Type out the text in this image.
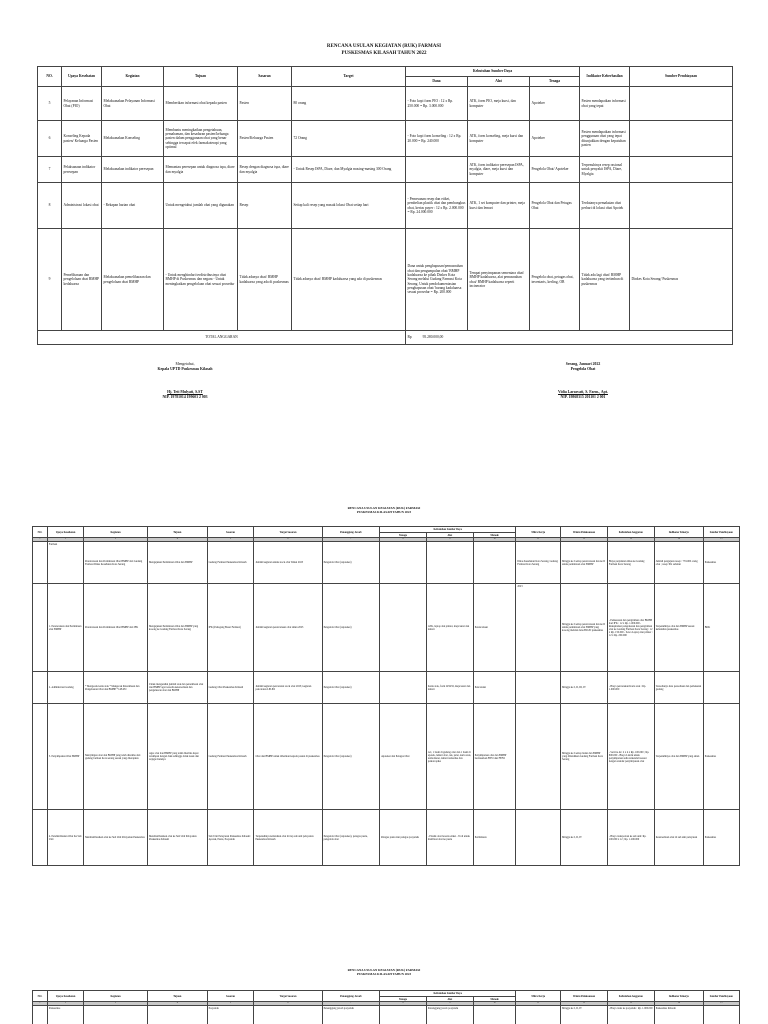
RENCANA USULAN KEGIATAN (RUK) FARMASI
PUSKESMAS KILASAH TAHUN 2022
NO.	Upaya Kesehatan	Kegiatan	Tujuan	Sasaran	Target	Kebutuhan Sumber Daya			Indikator Keberhasilan	Sumber Pembiayaan
						Dana	Alat	Tenaga		
5	Pelayanan Informasi Obat (PIO)	Melaksanakan Pelayanan Informasi Obat	Memberikan informasi obat kepada pasien	Pasien	80 orang	- Foto kopi form PIO : 12 x Rp. 250.000 = Rp. 3.000.000	ATK, form PIO, meja kursi, dan komputer	Apoteker	Pasien mendapatkan informasi obat yang tepat	
6	Konseling Kepada pasien/ Keluarga Pasien	Melaksanakan Konseling	Membantu meningkatkan pengetahuan, pemahaman, dan kesadaran pasien/keluarga pasien dalam penggunaan obat yang benar sehingga tercapai efek farmakoterapi yang optimal	Pasien/Keluarga Pasien	72 Orang	- Foto kopi form konseling : 12 x Rp. 20.000 = Rp. 240.000	ATK, form konseling, meja kursi dan komputer	Apoteker	Pasien mendapatkan informasi penggunaan obat yang tepat ditunjukkan dengan kepatuhan pasien	
7	Pelaksanaan indikator peresepan	Melaksanakan indikator peresepan	Memantau peresepan untuk diagnosa ispa, diare dan myalgia	Resep dengan diagnosa ispa, diare dan myalgia	- Untuk Resep ISPA, Diare, dan Myalgia masing-masing 300 Orang		ATK, form indikator peresepan ISPA, myalgia, diare, meja kursi dan komputer	Pengelola Obat/ Apoteker	Terpenuhinya resep rasional untuk penyakit ISPA, Diare, Myalgia	
8	Administrasi lokasi obat	- Rekapan harian obat	Untuk mengetahui jumlah obat yang digunakan	Resep	Setiap kali resep yang masuk lokasi Obat setiap hari	- Pemesanan resep dan etiket, pembelian plastik obat dan pembungkus obat, kertas puyer : 12 x Rp. 2.000.000 = Rp. 24.000.000	ATK, 1 set komputer dan printer, meja kursi dan lemari	Pengelola Obat dan Petugas Obat	Terdatanya pemakaian obat perhari di lokasi obat Apotek	
9	Pemeliharaan dan pengelolaan obat BMHP kedaluarsa	Melaksanakan pemeliharaan dan pengelolaan obat BMHP	- Untuk menghindari terdistribusinya obat BMHP di Puskesmas dan negara - Untuk meningkatkan pengelolaan obat sesuai prosedur	Tidak adanya obat/ BMHP kadaluarsa yang ada di puskesmas	Tidak adanya obat/ BMHP kadaluarsa yang ada di puskesmas	Dana untuk penghapusan/pemusnahan obat dan pengumpulan obat/ BMHP kadaluarsa ke pihak Dinkes Kota Serang melalui Gudang Farmasi Kota Serang. Untuk pendokumentasian penghapusan obat/ barang kadaluarsa sesuai prosedur = Rp. 200.000	Tempat penyimpanan sementara obat/ BMHP kadaluarsa, alat pemusnahan obat/ BMHP kadaluarsa seperti incinerator	Pengelola obat, petugas obat, inventaris, kerling, OB	Tidak ada lagi obat/ BMHP kadaluarsa yang tertimbun di puskesmas	Dinkes Kota Serang/ Puskesmas
TOTAL ANGGARAN						Rp 95.280.000,00				
Mengetahui,
Kepala UPTD Puskesmas Kilasah
Hj. Teti Mulyati, S.ST
NIP. 19781014 199603 2 003
Serang, Januari 2022
Pengelola Obat
Vidia Larasvati, S. Farm., Apt.
NIP. 19868315 201101 2 001
RENCANA USULAN KEGIATAN (RUK) FARMASI
PUSKESMAS KILASAH TAHUN 2023
NO.	Upaya Kesehatan	Kegiatan	Tujuan	Sasaran	Target Sasaran	Penanggung Jawab	Kebutuhan Sumber Daya			Mitra Kerja	Waktu Pelaksanaan	Kebutuhan Anggaran	Indikator Kinerja	Sumber Pembiayaan
							Tenaga	Alat	Metode					
1	2	3	4	5	6	7	8	9	10	11	12	13	14	15
	Farmasi	Perencanaan dan Permintaan Obat BMHP dari Gudang Farmasi Dinas Kesehatan Kota Serang	Mengajukan Permintaan Obat dan BMHP	Gudang Farmasi Puskesmas Kilasah	Jumlah kegiatan untuk stock obat Tahun 2023	Pengelola Obat (Apoteker)				Dinas Kesehatan Kota Serang, Gudang Farmasi Kota Serang	Minggu ke I setiap perencanaan dan ke II untuk permintaan obat BMHP	Biaya perjalanan dinas ke Gudang Farmasi Kota Serang	Jumlah pengajuan resep : 733.000 orang obat ; resep 30x sebulan	Puskesmas
	1. Perencanaan dan Permintaan obat BMHP	Perencanaan dan Permintaan Obat BMHP dari IFK	Mengajukan Permintaan Obat dan BMHP yang kosong ke Gudang Farmasi Kota Serang	IFK (Pedagang Besar Farmasi)	Jumlah kegiatan perencanaan obat tahun 2023	Pengelola Obat (Apoteker)		ATK, laptop dan printer, meja kursi dan lemari	Perencanaan	2023	Minggu ke I setiap perencanaan dan ke II untuk permintaan obat BMHP yang kosong melalui dana BLUD puskesmas	- Pemesanan dan pengiriman obat BMHP dari IFK : 12 x Rp. 1.000.000 - Rekapitulasi pengeluaran dan pengiriman obat ke Gudang Farmasi Kota Serang : 12 x Rp. 150.000 - Sewa Laptop dan printer : 12 x Rp. 200.000	Terpenuhinya obat dan BMHP sesuai kebutuhan puskesmas	BOK
	2. Administrasi Gudang	* Mengecek kartu stok * Mengecek Penerimaan dan Pengeluaran Obat dan BMHP * LPLPO	Untuk mengetahui jumlah stok dan penerimaan obat dan BMHP agar tersedia ketersediaan dan pengeluaran obat dan BMHP	Gudang Obat Puskesmas Kilasah	Jumlah kegiatan pencatatan stock obat 2023; kegiatan pencatatan LPLPO	Pengelola Obat (Apoteker)		Kartu stok, form LPLPO, meja kursi dan lemari	Pencatatan		Minggu ke I, II, III, IV	- Biaya pencetakan Kartu stok : Rp. 1.000.000	Tersedianya data persediaan dan pemakaian gudang	
	3. Penyimpanan Obat BMHP	Menyimpan obat dan BMHP yang telah diterima dari gudang farmasi Kota serang sesuai yang diterapkan	Agar obat dan BMHP yang telah diterima dapat tersimpan dengan baik sehingga tidak rusak dan terjaga mutunya	Gudang Farmasi Puskesmas Kilasah	Obat dan BMHP untuk diberikan kepada pasien di puskesmas	Pengelola Obat (Apoteker)	Apoteker dan Petugas Obat	AC, 1 buah di gudang obat dan 1 buah di apotek, lemari obat, rak, palet, kartu stok, termometer, lemari narkotika dan psikotropika	Penyimpanan obat dan BMHP berdasarkan FIFO dan FEFO		Minggu ke I setiap bulan dan BMHP yang dibutuhkan Gudang Farmasi Kota Serang	- Service AC 2 x 4 x Rp. 100.000 ; Rp. 800.000 - Biaya Listrik untuk penyimpanan suhu terkendali sesuai dengan standar penyimpanan obat	Terpenuhinya obat dan BMHP yang aman	Puskesmas
	4. Pendistribusian Obat Ke Sub Unit	Mendistribusikan obat ke Sub Unit Pelayanan Puskesmas	Mendistribusikan obat ke Sub Unit Pelayanan Puskesmas Kilasah	Sub Unit Pelayanan Puskesmas Kilasah: Apotek, Pustu, Posyandu	Terpenuhinya kebutuhan obat di tiap sub unit pelayanan Puskesmas Kilasah	Pengelola Obat (Apoteker), petugas pustu, pengelola obat	Petugas pustu dan petugas posyandu	- Plastik obat beserta etiket - Troli untuk distribusi obat ke pustu	Permintaan		Minggu ke I, II, IV	- Biaya transportasi ke sub unit: Rp. 100.000 x 12 ; Rp. 1.200.000	Ketersediaan obat di sub unit pelayanan	Puskesmas
RENCANA USULAN KEGIATAN (RUK) FARMASI
PUSKESMAS KILASAH TAHUN 2023
NO.	Upaya Kesehatan	Kegiatan	Tujuan	Sasaran	Target Sasaran	Penanggung Jawab	Kebutuhan Sumber Daya			Mitra Kerja	Waktu Pelaksanaan	Kebutuhan Anggaran	Indikator Kinerja	Sumber Pembiayaan
							Tenaga	Alat	Metode					
1	2	3	4	5	6	7	8	9	10	11	12	13	14	15
	Puskesmas			Posyandu		Penanggung jawab posyandu		Penanggung jawab posyandu			Minggu ke I, II, IV	- Biaya trans ke posyandu : Rp. 1.000.000	Puskesmas Kilasah	
